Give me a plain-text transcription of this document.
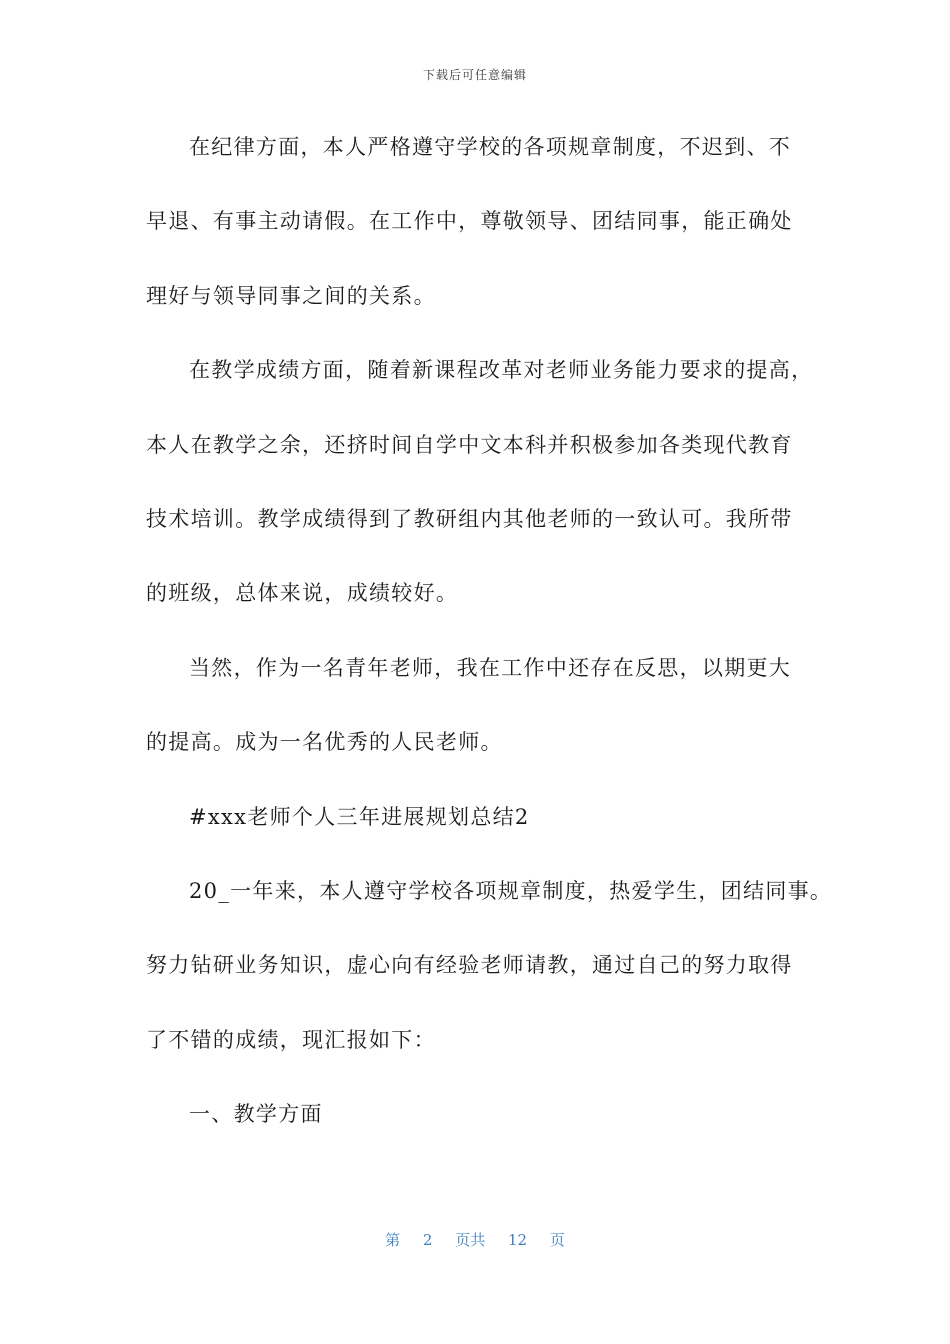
下载后可任意编辑
在纪律方面，本人严格遵守学校的各项规章制度，不迟到、不
早退、有事主动请假。在工作中，尊敬领导、团结同事，能正确处
理好与领导同事之间的关系。
在教学成绩方面，随着新课程改革对老师业务能力要求的提高，
本人在教学之余，还挤时间自学中文本科并积极参加各类现代教育
技术培训。教学成绩得到了教研组内其他老师的一致认可。我所带
的班级，总体来说，成绩较好。
当然，作为一名青年老师，我在工作中还存在反思，以期更大
的提高。成为一名优秀的人民老师。
#xxx老师个人三年进展规划总结2
20_一年来，本人遵守学校各项规章制度，热爱学生，团结同事。
努力钻研业务知识，虚心向有经验老师请教，通过自己的努力取得
了不错的成绩，现汇报如下：
一、教学方面
第 2 页共 12 页
